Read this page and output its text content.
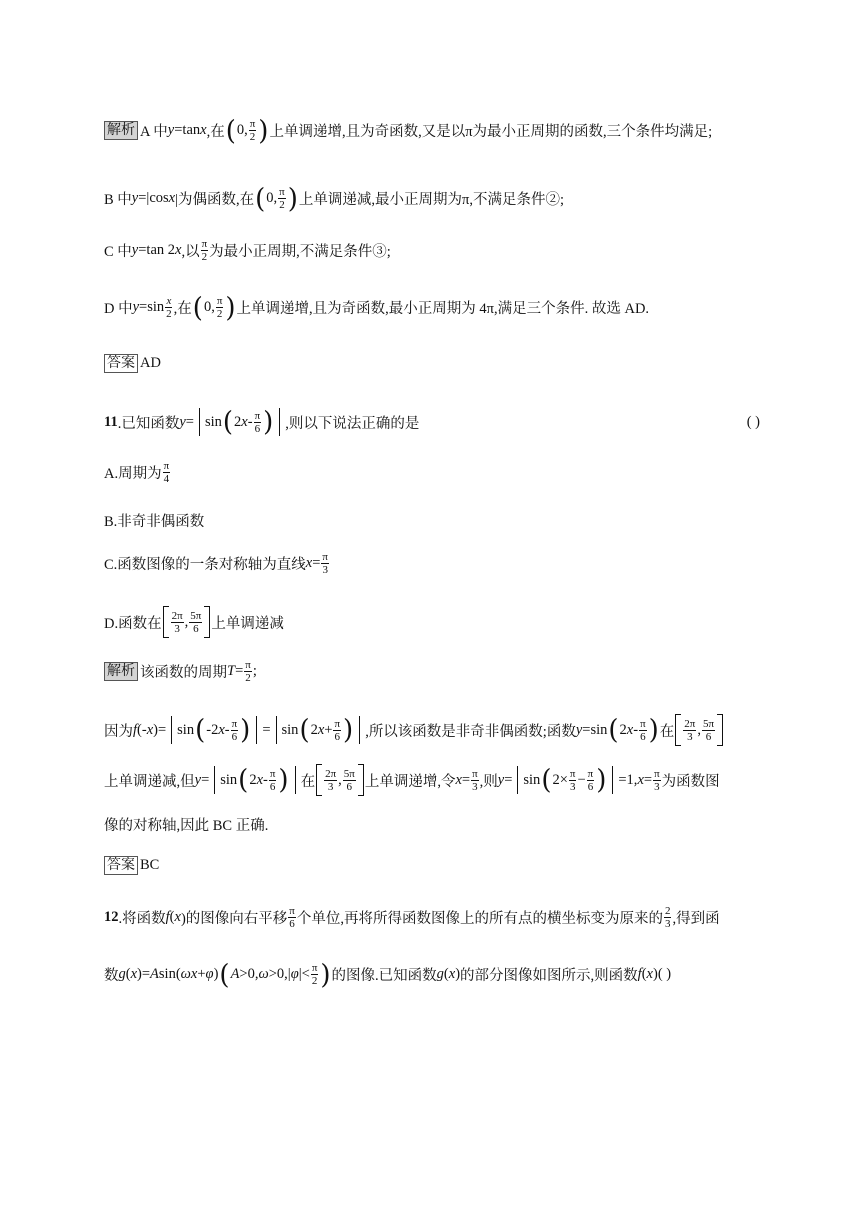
解析 A 中 y =tan x ,在 ( 0, π
2 ) 上单调递增,且为奇函数,又是以π为最小正周期的函数,三个条件均满足;
B 中 y =|cos x |为偶函数,在 ( 0, π
2 ) 上单调递减,最小正周期为π,不满足条件②;
C 中 y =tan 2 x ,以 π
2 为最小正周期,不满足条件③;
D 中 y =sin x
2 ,在 ( 0, π
2 ) 上单调递增,且为奇函数,最小正周期为 4π,满足三个条件. 故选 AD.
答案 AD
11 .已知函数 y = sin ( 2 x - π
6 ) ,则以下说法正确的是	( )
A.周期为 π
4
B.非奇非偶函数
C.函数图像的一条对称轴为直线 $x = \frac{\pi}{3}$
D.函数在 2π
3 , 5π
6 上单调递减
解析 该函数的周期 $T = \frac{\pi}{2}$ ;
因为 f (- x )= sin ( -2 x - π
6 ) = sin ( 2 $x + \frac{\pi}{6}$ ) ,所以该函数是非奇非偶函数;函数 y =sin ( 2 x - π
6 ) 在 2π
3 , 5π
6
上单调递减,但 y = sin ( 2 x - π
6 ) 在 2π
3 , 5π
6 上单调递增,令 $x = \frac{\pi}{3}$ ,则 y = sin ( $2\times \frac{\pi}{3} - \frac{\pi}{6}$ ) =1, $x = \frac{\pi}{3}$ 为函数图
像的对称轴,因此 BC 正确.
答案 BC
12 .将函数 f ( x )的图像向右平移 π
6 个单位,再将所得函数图像上的所有点的横坐标变为原来的 2
3 ,得到函
数 g ( x )= A sin( ω x + φ ) ( A >0, ω >0,| φ |< π
2 ) 的图像.已知函数 g ( x ) 的部分图像如图所示,则函数 f ( x ) ( )
